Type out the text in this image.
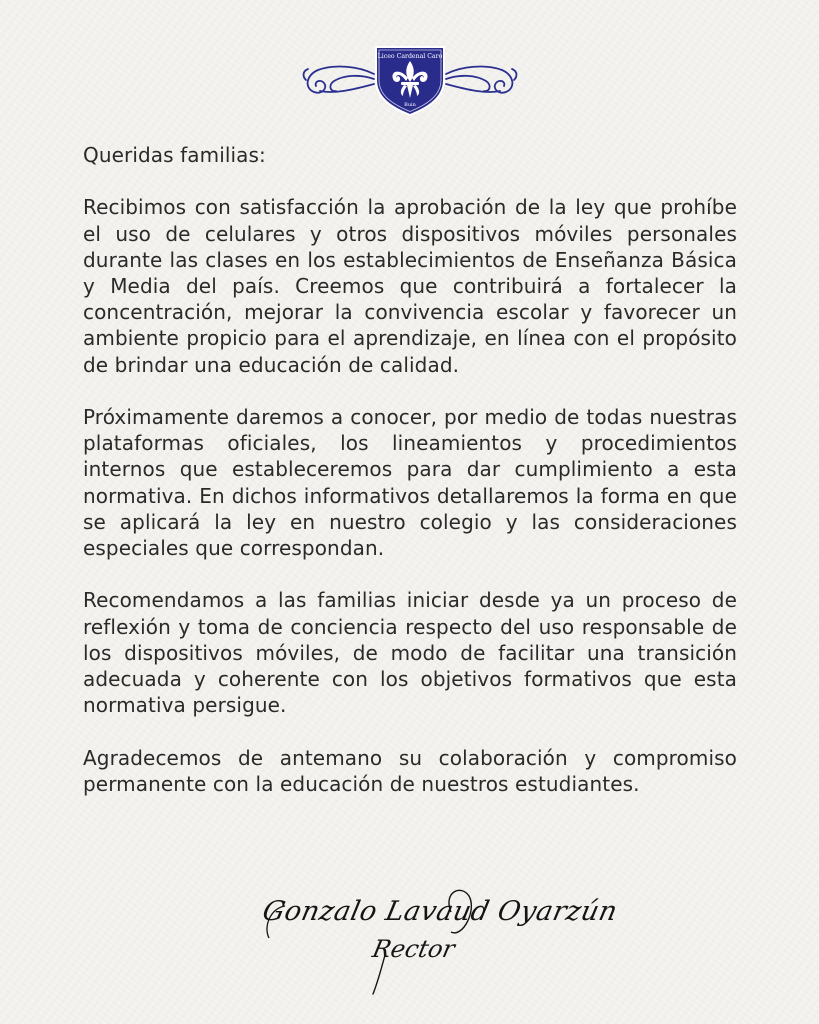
Liceo Cardenal Caro
Buin

Queridas familias:

Recibimos con satisfacción la aprobación de la ley que prohíbe el uso de celulares y otros dispositivos móviles personales durante las clases en los establecimientos de Enseñanza Básica y Media del país. Creemos que contribuirá a fortalecer la concentración, mejorar la convivencia escolar y favorecer un ambiente propicio para el aprendizaje, en línea con el propósito de brindar una educación de calidad.

Próximamente daremos a conocer, por medio de todas nuestras plataformas oficiales, los lineamientos y procedimientos internos que estableceremos para dar cumplimiento a esta normativa. En dichos informativos detallaremos la forma en que se aplicará la ley en nuestro colegio y las consideraciones especiales que correspondan.

Recomendamos a las familias iniciar desde ya un proceso de reflexión y toma de conciencia respecto del uso responsable de los dispositivos móviles, de modo de facilitar una transición adecuada y coherente con los objetivos formativos que esta normativa persigue.

Agradecemos de antemano su colaboración y compromiso permanente con la educación de nuestros estudiantes.

Gonzalo Lavaud Oyarzún
Rector
